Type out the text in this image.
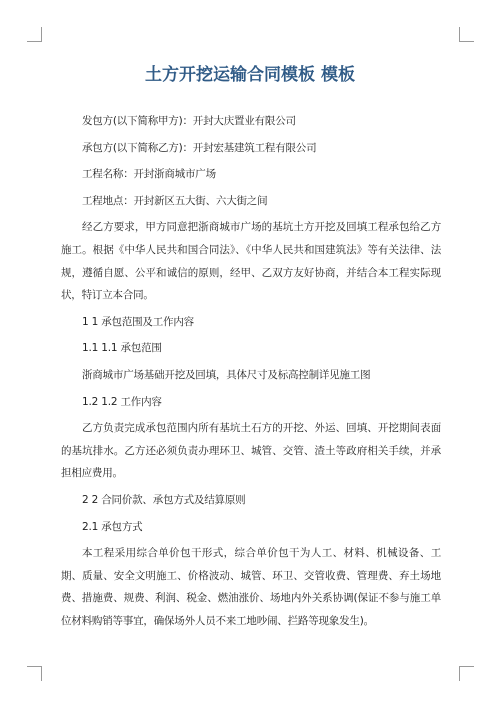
土方开挖运输合同模板 模板

发包方(以下简称甲方)：开封大庆置业有限公司

承包方(以下简称乙方)：开封宏基建筑工程有限公司

工程名称：开封浙商城市广场

工程地点：开封新区五大街、六大街之间

经乙方要求，甲方同意把浙商城市广场的基坑土方开挖及回填工程承包给乙方施工。根据《中华人民共和国合同法》、《中华人民共和国建筑法》等有关法律、法规，遵循自愿、公平和诚信的原则，经甲、乙双方友好协商，并结合本工程实际现状，特订立本合同。

1 1 承包范围及工作内容

1.1 1.1 承包范围

浙商城市广场基础开挖及回填，具体尺寸及标高控制详见施工图

1.2 1.2 工作内容

乙方负责完成承包范围内所有基坑土石方的开挖、外运、回填、开挖期间表面的基坑排水。乙方还必须负责办理环卫、城管、交管、渣土等政府相关手续，并承担相应费用。

2 2 合同价款、承包方式及结算原则

2.1 承包方式

本工程采用综合单价包干形式，综合单价包干为人工、材料、机械设备、工期、质量、安全文明施工、价格波动、城管、环卫、交管收费、管理费、弃土场地费、措施费、规费、利润、税金、燃油涨价、场地内外关系协调(保证不参与施工单位材料购销等事宜，确保场外人员不来工地吵闹、拦路等现象发生)。
